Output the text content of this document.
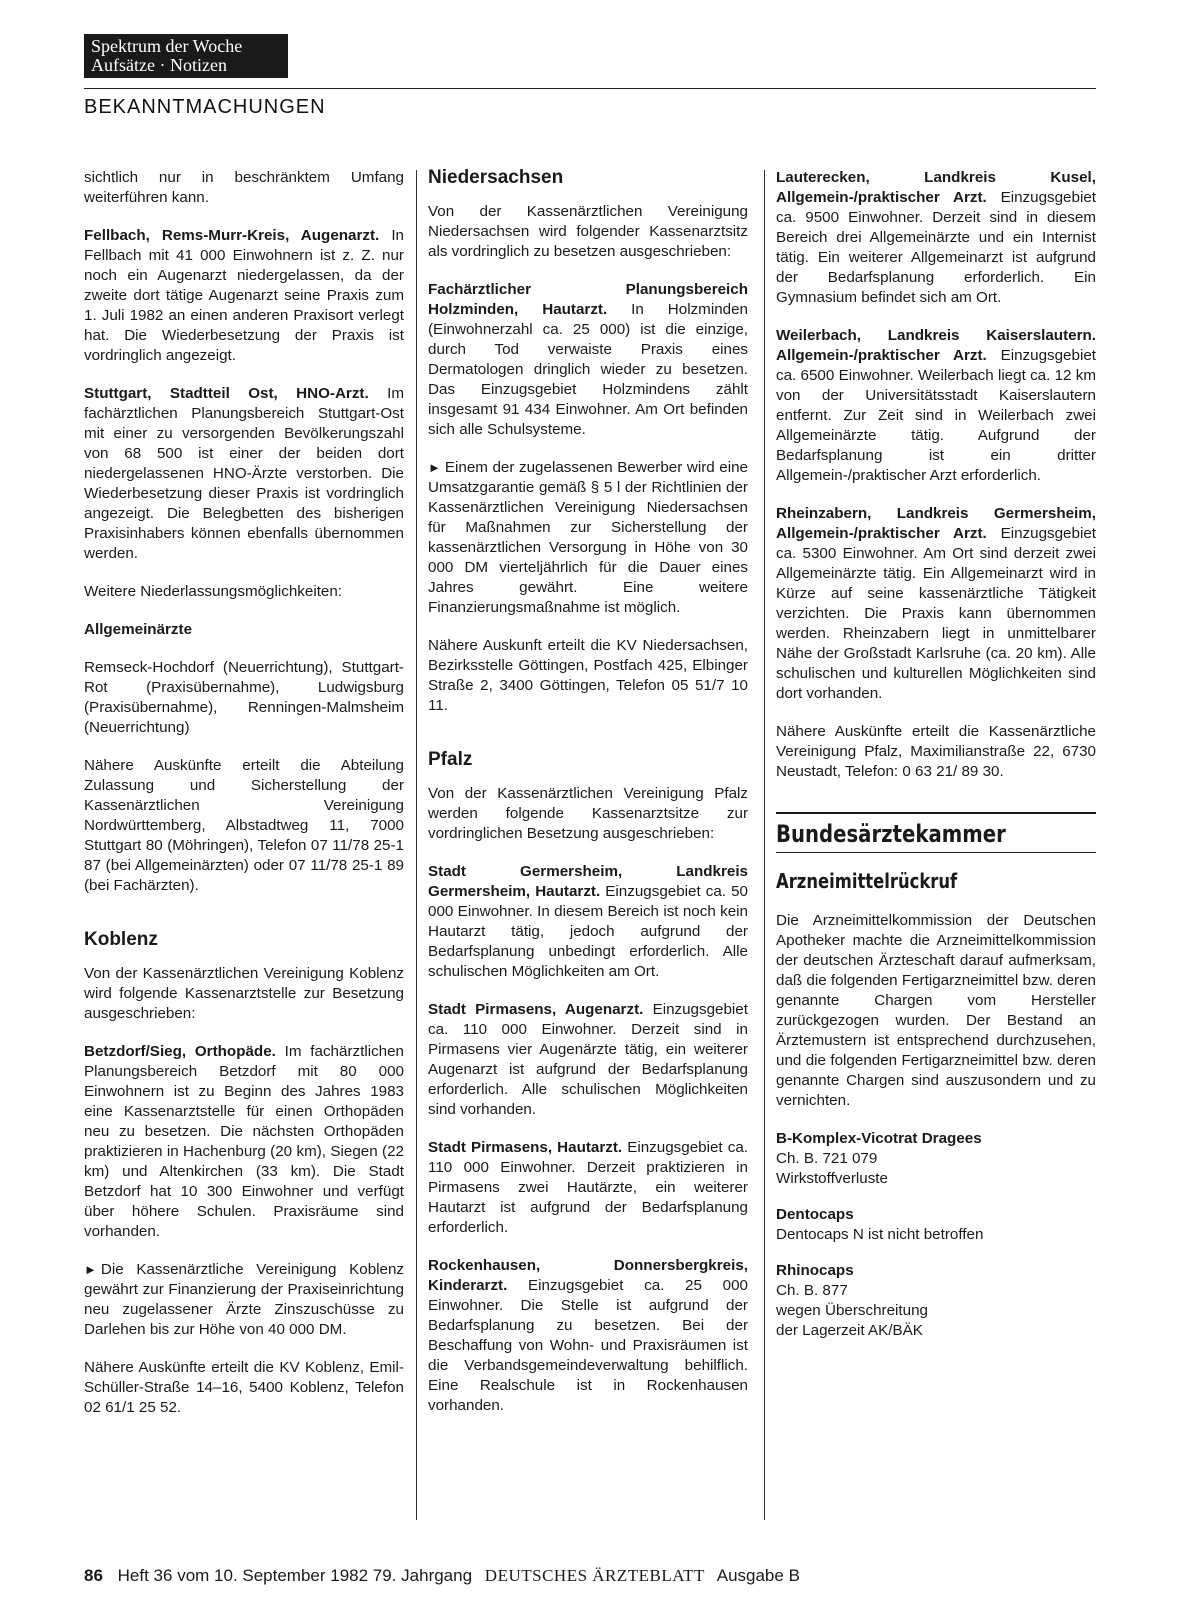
Spektrum der Woche
Aufsätze · Notizen
BEKANNTMACHUNGEN

sichtlich nur in beschränktem Umfang weiterführen kann.

Fellbach, Rems-Murr-Kreis, Augenarzt. In Fellbach mit 41 000 Einwohnern ist z. Z. nur noch ein Augenarzt niedergelassen, da der zweite dort tätige Augenarzt seine Praxis zum 1. Juli 1982 an einen anderen Praxisort verlegt hat. Die Wiederbesetzung der Praxis ist vordringlich angezeigt.

Stuttgart, Stadtteil Ost, HNO-Arzt. Im fachärztlichen Planungsbereich Stuttgart-Ost mit einer zu versorgenden Bevölkerungszahl von 68 500 ist einer der beiden dort niedergelassenen HNO-Ärzte verstorben. Die Wiederbesetzung dieser Praxis ist vordringlich angezeigt. Die Belegbetten des bisherigen Praxisinhabers können ebenfalls übernommen werden.

Weitere Niederlassungsmöglichkeiten:

Allgemeinärzte

Remseck-Hochdorf (Neuerrichtung), Stuttgart-Rot (Praxisübernahme), Ludwigsburg (Praxisübernahme), Renningen-Malmsheim (Neuerrichtung)

Nähere Auskünfte erteilt die Abteilung Zulassung und Sicherstellung der Kassenärztlichen Vereinigung Nordwürttemberg, Albstadtweg 11, 7000 Stuttgart 80 (Möhringen), Telefon 07 11/78 25-1 87 (bei Allgemeinärzten) oder 07 11/78 25-1 89 (bei Fachärzten).

Koblenz

Von der Kassenärztlichen Vereinigung Koblenz wird folgende Kassenarztstelle zur Besetzung ausgeschrieben:

Betzdorf/Sieg, Orthopäde. Im fachärztlichen Planungsbereich Betzdorf mit 80 000 Einwohnern ist zu Beginn des Jahres 1983 eine Kassenarztstelle für einen Orthopäden neu zu besetzen. Die nächsten Orthopäden praktizieren in Hachenburg (20 km), Siegen (22 km) und Altenkirchen (33 km). Die Stadt Betzdorf hat 10 300 Einwohner und verfügt über höhere Schulen. Praxisräume sind vorhanden.

► Die Kassenärztliche Vereinigung Koblenz gewährt zur Finanzierung der Praxiseinrichtung neu zugelassener Ärzte Zinszuschüsse zu Darlehen bis zur Höhe von 40 000 DM.

Nähere Auskünfte erteilt die KV Koblenz, Emil-Schüller-Straße 14–16, 5400 Koblenz, Telefon 02 61/1 25 52.

Niedersachsen

Von der Kassenärztlichen Vereinigung Niedersachsen wird folgender Kassenarztsitz als vordringlich zu besetzen ausgeschrieben:

Fachärztlicher Planungsbereich Holzminden, Hautarzt. In Holzminden (Einwohnerzahl ca. 25 000) ist die einzige, durch Tod verwaiste Praxis eines Dermatologen dringlich wieder zu besetzen. Das Einzugsgebiet Holzmindens zählt insgesamt 91 434 Einwohner. Am Ort befinden sich alle Schulsysteme.

► Einem der zugelassenen Bewerber wird eine Umsatzgarantie gemäß § 5 l der Richtlinien der Kassenärztlichen Vereinigung Niedersachsen für Maßnahmen zur Sicherstellung der kassenärztlichen Versorgung in Höhe von 30 000 DM vierteljährlich für die Dauer eines Jahres gewährt. Eine weitere Finanzierungsmaßnahme ist möglich.

Nähere Auskunft erteilt die KV Niedersachsen, Bezirksstelle Göttingen, Postfach 425, Elbinger Straße 2, 3400 Göttingen, Telefon 05 51/7 10 11.

Pfalz

Von der Kassenärztlichen Vereinigung Pfalz werden folgende Kassenarztsitze zur vordringlichen Besetzung ausgeschrieben:

Stadt Germersheim, Landkreis Germersheim, Hautarzt. Einzugsgebiet ca. 50 000 Einwohner. In diesem Bereich ist noch kein Hautarzt tätig, jedoch aufgrund der Bedarfsplanung unbedingt erforderlich. Alle schulischen Möglichkeiten am Ort.

Stadt Pirmasens, Augenarzt. Einzugsgebiet ca. 110 000 Einwohner. Derzeit sind in Pirmasens vier Augenärzte tätig, ein weiterer Augenarzt ist aufgrund der Bedarfsplanung erforderlich. Alle schulischen Möglichkeiten sind vorhanden.

Stadt Pirmasens, Hautarzt. Einzugsgebiet ca. 110 000 Einwohner. Derzeit praktizieren in Pirmasens zwei Hautärzte, ein weiterer Hautarzt ist aufgrund der Bedarfsplanung erforderlich.

Rockenhausen, Donnersbergkreis, Kinderarzt. Einzugsgebiet ca. 25 000 Einwohner. Die Stelle ist aufgrund der Bedarfsplanung zu besetzen. Bei der Beschaffung von Wohn- und Praxisräumen ist die Verbandsgemeindeverwaltung behilflich. Eine Realschule ist in Rockenhausen vorhanden.

Lauterecken, Landkreis Kusel, Allgemein-/praktischer Arzt. Einzugsgebiet ca. 9500 Einwohner. Derzeit sind in diesem Bereich drei Allgemeinärzte und ein Internist tätig. Ein weiterer Allgemeinarzt ist aufgrund der Bedarfsplanung erforderlich. Ein Gymnasium befindet sich am Ort.

Weilerbach, Landkreis Kaiserslautern. Allgemein-/praktischer Arzt. Einzugsgebiet ca. 6500 Einwohner. Weilerbach liegt ca. 12 km von der Universitätsstadt Kaiserslautern entfernt. Zur Zeit sind in Weilerbach zwei Allgemeinärzte tätig. Aufgrund der Bedarfsplanung ist ein dritter Allgemein-/praktischer Arzt erforderlich.

Rheinzabern, Landkreis Germersheim, Allgemein-/praktischer Arzt. Einzugsgebiet ca. 5300 Einwohner. Am Ort sind derzeit zwei Allgemeinärzte tätig. Ein Allgemeinarzt wird in Kürze auf seine kassenärztliche Tätigkeit verzichten. Die Praxis kann übernommen werden. Rheinzabern liegt in unmittelbarer Nähe der Großstadt Karlsruhe (ca. 20 km). Alle schulischen und kulturellen Möglichkeiten sind dort vorhanden.

Nähere Auskünfte erteilt die Kassenärztliche Vereinigung Pfalz, Maximilianstraße 22, 6730 Neustadt, Telefon: 0 63 21/ 89 30.

Bundesärztekammer
Arzneimittelrückruf

Die Arzneimittelkommission der Deutschen Apotheker machte die Arzneimittelkommission der deutschen Ärzteschaft darauf aufmerksam, daß die folgenden Fertigarzneimittel bzw. deren genannte Chargen vom Hersteller zurückgezogen wurden. Der Bestand an Ärztemustern ist entsprechend durchzusehen, und die folgenden Fertigarzneimittel bzw. deren genannte Chargen sind auszusondern und zu vernichten.

B-Komplex-Vicotrat Dragees
Ch. B. 721 079
Wirkstoffverluste
Dentocaps
Dentocaps N ist nicht betroffen
Rhinocaps
Ch. B. 877
wegen Überschreitung
der Lagerzeit AK/BÄK
86 Heft 36 vom 10. September 1982 79. Jahrgang DEUTSCHES ÄRZTEBLATT Ausgabe B
